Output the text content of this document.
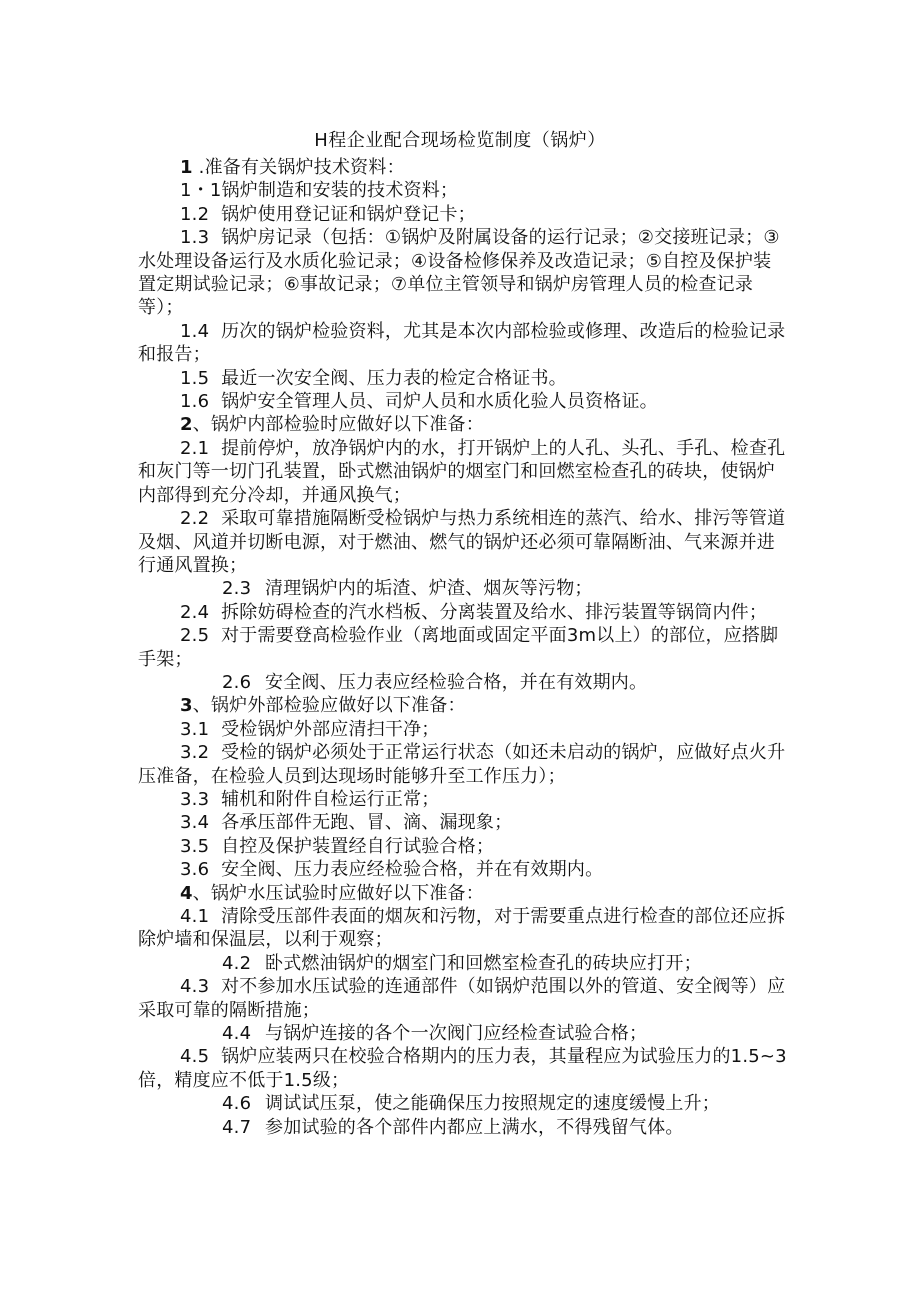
H程企业配合现场检览制度（锅炉）

1 .准备有关锅炉技术资料：

1・1锅炉制造和安装的技术资料；

1.2 锅炉使用登记证和锅炉登记卡；

1.3 锅炉房记录（包括：①锅炉及附属设备的运行记录；②交接班记录；③水处理设备运行及水质化验记录；④设备检修保养及改造记录；⑤自控及保护装置定期试验记录；⑥事故记录；⑦单位主管领导和锅炉房管理人员的检查记录等）；

1.4 历次的锅炉检验资料，尤其是本次内部检验或修理、改造后的检验记录和报告；

1.5 最近一次安全阀、压力表的检定合格证书。

1.6 锅炉安全管理人员、司炉人员和水质化验人员资格证。

2、锅炉内部检验时应做好以下准备：

2.1 提前停炉，放净锅炉内的水，打开锅炉上的人孔、头孔、手孔、检查孔和灰门等一切门孔装置，卧式燃油锅炉的烟室门和回燃室检查孔的砖块，使锅炉内部得到充分冷却，并通风换气；

2.2 采取可靠措施隔断受检锅炉与热力系统相连的蒸汽、给水、排污等管道及烟、风道并切断电源，对于燃油、燃气的锅炉还必须可靠隔断油、气来源并进行通风置换；

2.3 清理锅炉内的垢渣、炉渣、烟灰等污物；

2.4 拆除妨碍检查的汽水档板、分离装置及给水、排污装置等锅筒内件；

2.5 对于需要登高检验作业（离地面或固定平面3m以上）的部位，应搭脚手架；

2.6 安全阀、压力表应经检验合格，并在有效期内。

3、锅炉外部检验应做好以下准备：

3.1 受检锅炉外部应清扫干净；

3.2 受检的锅炉必须处于正常运行状态（如还未启动的锅炉，应做好点火升压准备，在检验人员到达现场时能够升至工作压力）；

3.3 辅机和附件自检运行正常；

3.4 各承压部件无跑、冒、滴、漏现象；

3.5 自控及保护装置经自行试验合格；

3.6 安全阀、压力表应经检验合格，并在有效期内。

4、锅炉水压试验时应做好以下准备：

4.1 清除受压部件表面的烟灰和污物，对于需要重点进行检查的部位还应拆除炉墙和保温层，以利于观察；

4.2 卧式燃油锅炉的烟室门和回燃室检查孔的砖块应打开；

4.3 对不参加水压试验的连通部件（如锅炉范围以外的管道、安全阀等）应采取可靠的隔断措施；

4.4 与锅炉连接的各个一次阀门应经检查试验合格；

4.5 锅炉应装两只在校验合格期内的压力表，其量程应为试验压力的1.5~3倍，精度应不低于1.5级；

4.6 调试试压泵，使之能确保压力按照规定的速度缓慢上升；

4.7 参加试验的各个部件内都应上满水，不得残留气体。
